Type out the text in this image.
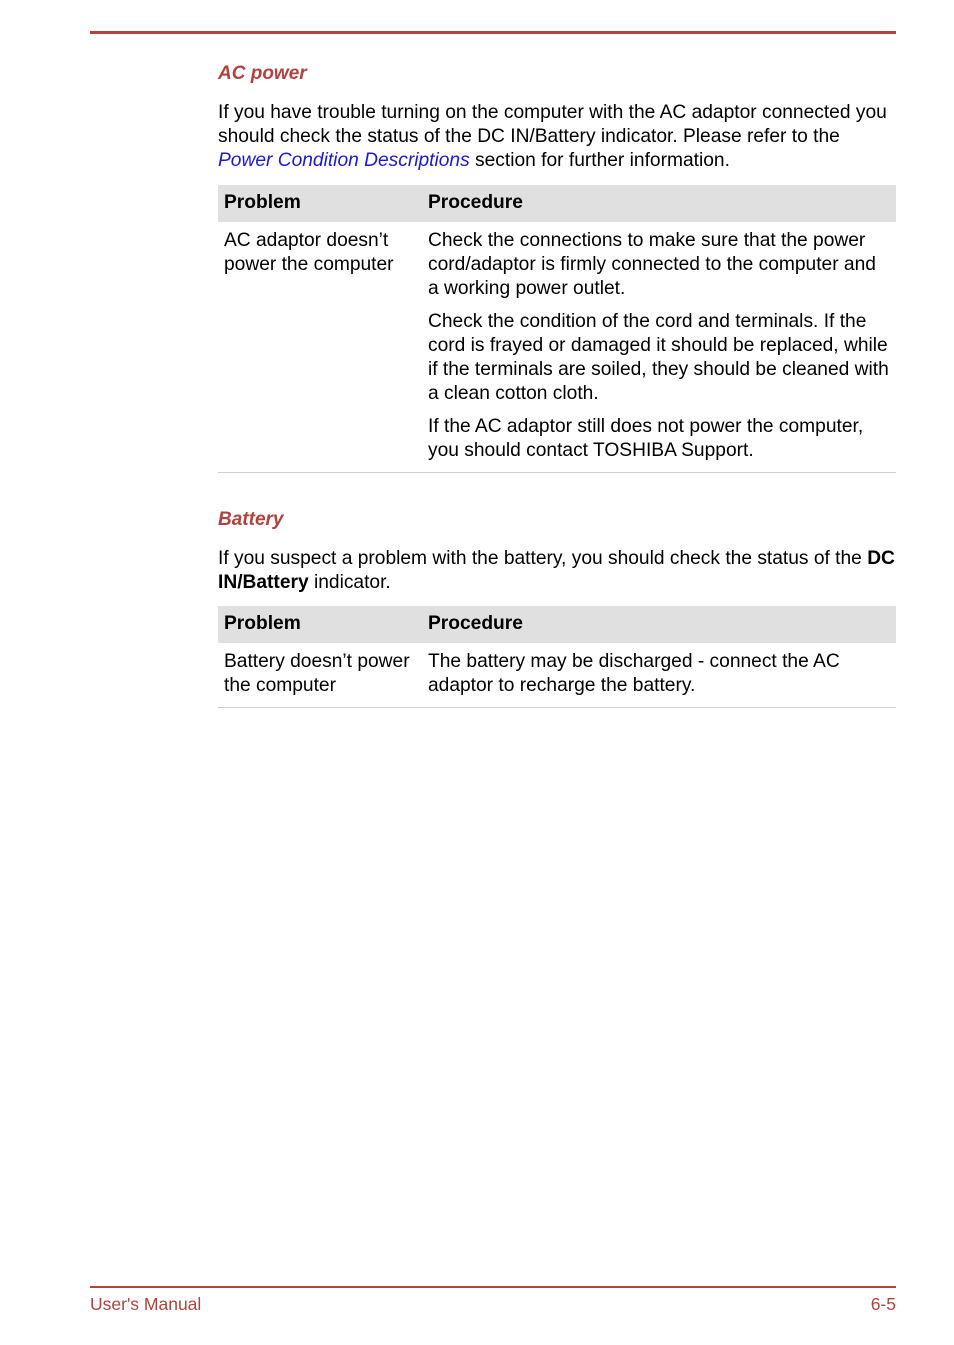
AC power

If you have trouble turning on the computer with the AC adaptor connected you should check the status of the DC IN/Battery indicator. Please refer to the Power Condition Descriptions section for further information.

Problem	Procedure
AC adaptor doesn’t power the computer	Check the connections to make sure that the power cord/adaptor is firmly connected to the computer and a working power outlet.

Check the condition of the cord and terminals. If the cord is frayed or damaged it should be replaced, while if the terminals are soiled, they should be cleaned with a clean cotton cloth.

If the AC adaptor still does not power the computer, you should contact TOSHIBA Support.

Battery

If you suspect a problem with the battery, you should check the status of the DC IN/Battery indicator.

Problem	Procedure
Battery doesn’t power the computer	The battery may be discharged - connect the AC adaptor to recharge the battery.

User's Manual	6-5
